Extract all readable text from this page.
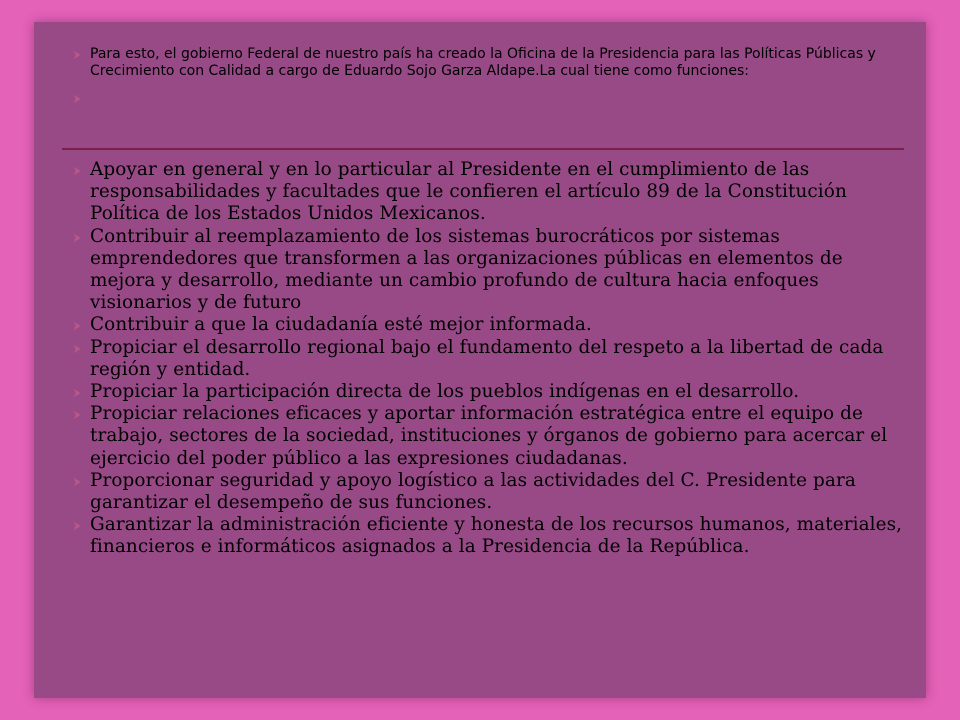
Para esto, el gobierno Federal de nuestro país ha creado la Oficina de la Presidencia para las Políticas Públicas y Crecimiento con Calidad a cargo de Eduardo Sojo Garza Aldape.La cual tiene como funciones:
Apoyar en general y en lo particular al Presidente en el cumplimiento de las responsabilidades y facultades que le confieren el artículo 89 de la Constitución Política de los Estados Unidos Mexicanos.
Contribuir al reemplazamiento de los sistemas burocráticos por sistemas emprendedores que transformen a las organizaciones públicas en elementos de mejora y desarrollo, mediante un cambio profundo de cultura hacia enfoques visionarios y de futuro
Contribuir a que la ciudadanía esté mejor informada.
Propiciar el desarrollo regional bajo el fundamento del respeto a la libertad de cada región y entidad.
Propiciar la participación directa de los pueblos indígenas en el desarrollo.
Propiciar relaciones eficaces y aportar información estratégica entre el equipo de trabajo, sectores de la sociedad, instituciones y órganos de gobierno para acercar el ejercicio del poder público a las expresiones ciudadanas.
Proporcionar seguridad y apoyo logístico a las actividades del C. Presidente para garantizar el desempeño de sus funciones.
Garantizar la administración eficiente y honesta de los recursos humanos, materiales, financieros e informáticos asignados a la Presidencia de la República.
